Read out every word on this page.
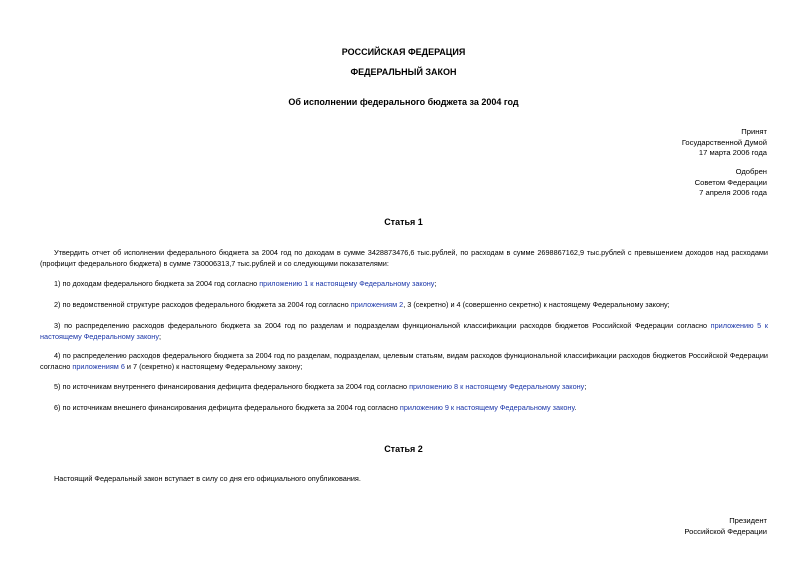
РОССИЙСКАЯ ФЕДЕРАЦИЯ

ФЕДЕРАЛЬНЫЙ ЗАКОН

Об исполнении федерального бюджета за 2004 год

Принят
Государственной Думой
17 марта 2006 года
Одобрен
Советом Федерации
7 апреля 2006 года

Статья 1

Утвердить отчет об исполнении федерального бюджета за 2004 год по доходам в сумме 3428873476,6 тыс.рублей, по расходам в сумме 2698867162,9 тыс.рублей с превышением доходов над расходами (профицит федерального бюджета) в сумме 730006313,7 тыс.рублей и со следующими показателями:

1) по доходам федерального бюджета за 2004 год согласно приложению 1 к настоящему Федеральному закону;

2) по ведомственной структуре расходов федерального бюджета за 2004 год согласно приложениям 2, 3 (секретно) и 4 (совершенно секретно) к настоящему Федеральному закону;

3) по распределению расходов федерального бюджета за 2004 год по разделам и подразделам функциональной классификации расходов бюджетов Российской Федерации согласно приложению 5 к настоящему Федеральному закону;

4) по распределению расходов федерального бюджета за 2004 год по разделам, подразделам, целевым статьям, видам расходов функциональной классификации расходов бюджетов Российской Федерации согласно приложениям 6 и 7 (секретно) к настоящему Федеральному закону;

5) по источникам внутреннего финансирования дефицита федерального бюджета за 2004 год согласно приложению 8 к настоящему Федеральному закону;

6) по источникам внешнего финансирования дефицита федерального бюджета за 2004 год согласно приложению 9 к настоящему Федеральному закону.

Статья 2

Настоящий Федеральный закон вступает в силу со дня его официального опубликования.

Президент
Российской Федерации
